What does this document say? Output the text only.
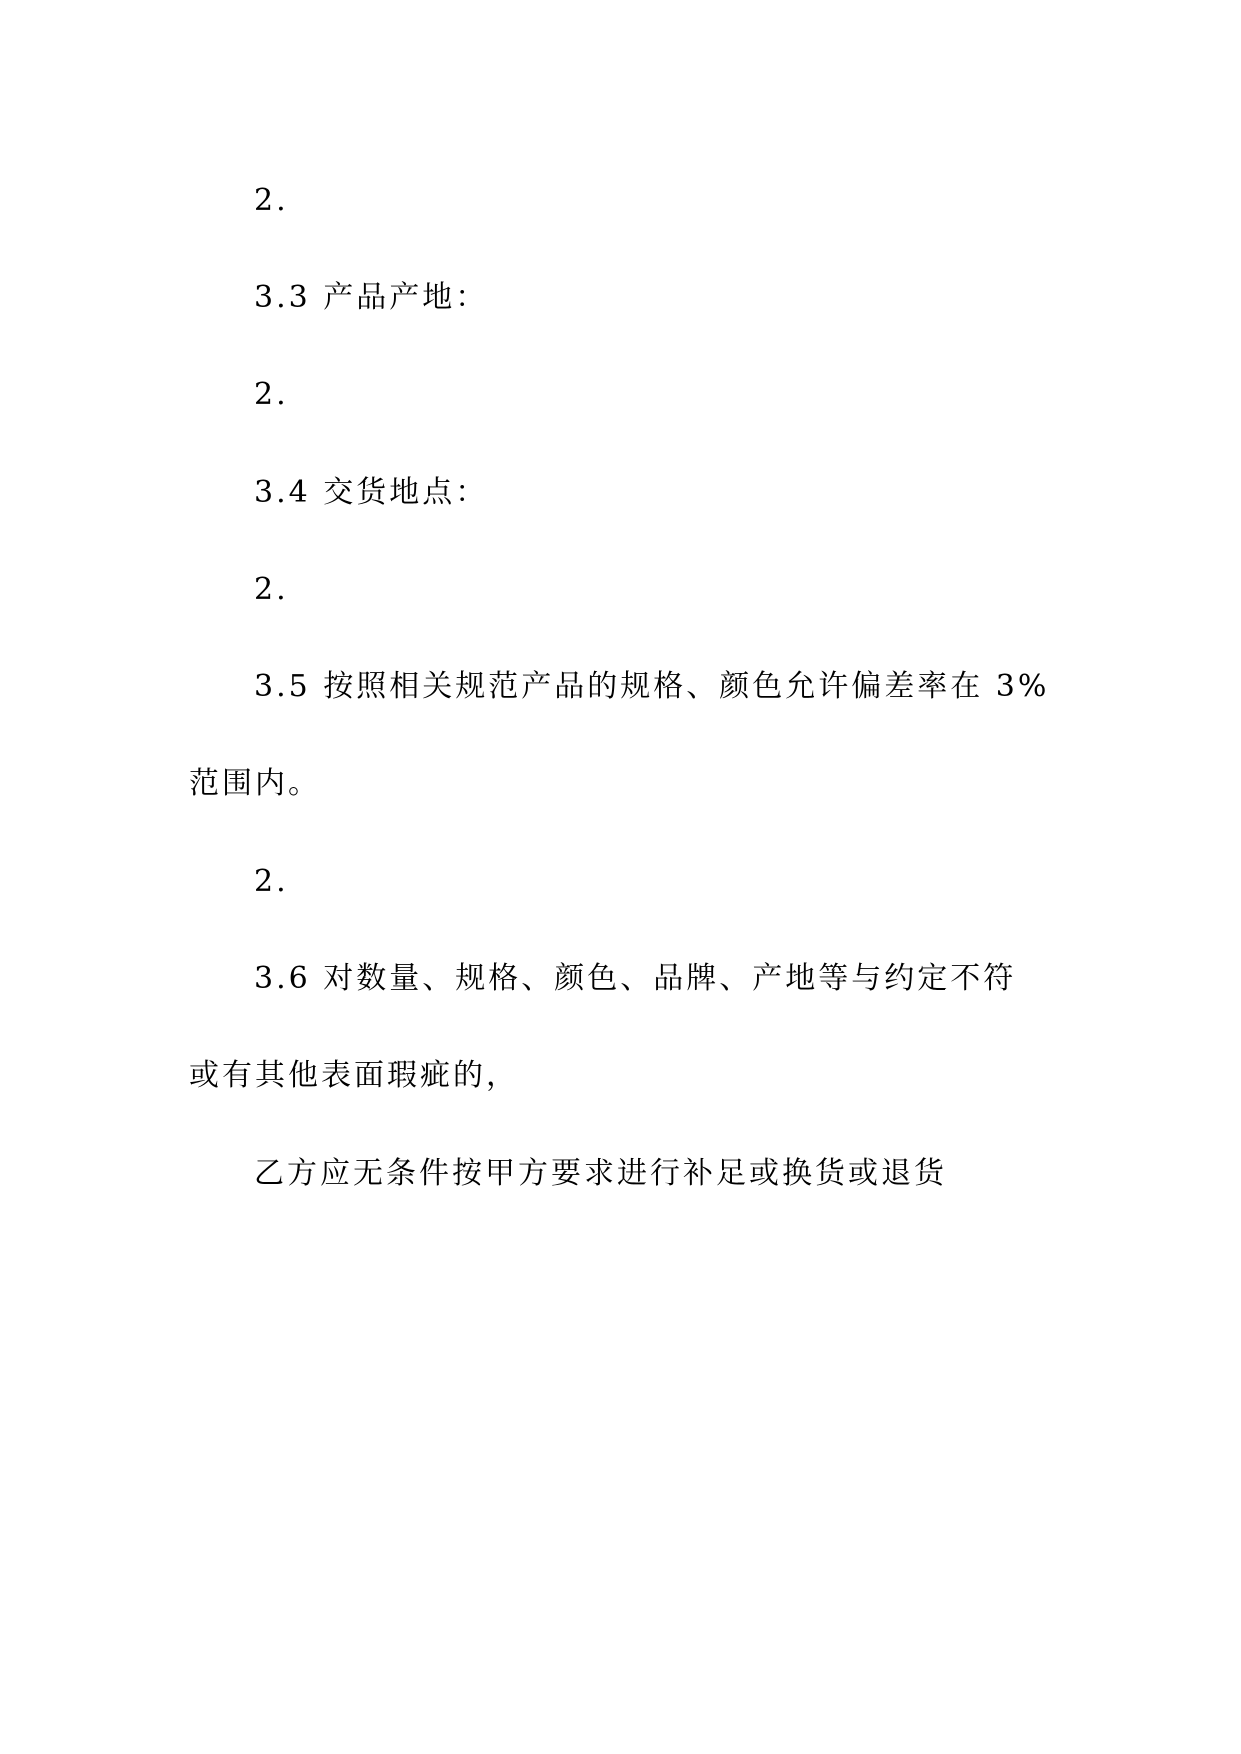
2.

3.3 产品产地：

2.

3.4 交货地点：

2.

3.5 按照相关规范产品的规格、颜色允许偏差率在 3%

范围内。

2.

3.6 对数量、规格、颜色、品牌、产地等与约定不符

或有其他表面瑕疵的，

乙方应无条件按甲方要求进行补足或换货或退货
